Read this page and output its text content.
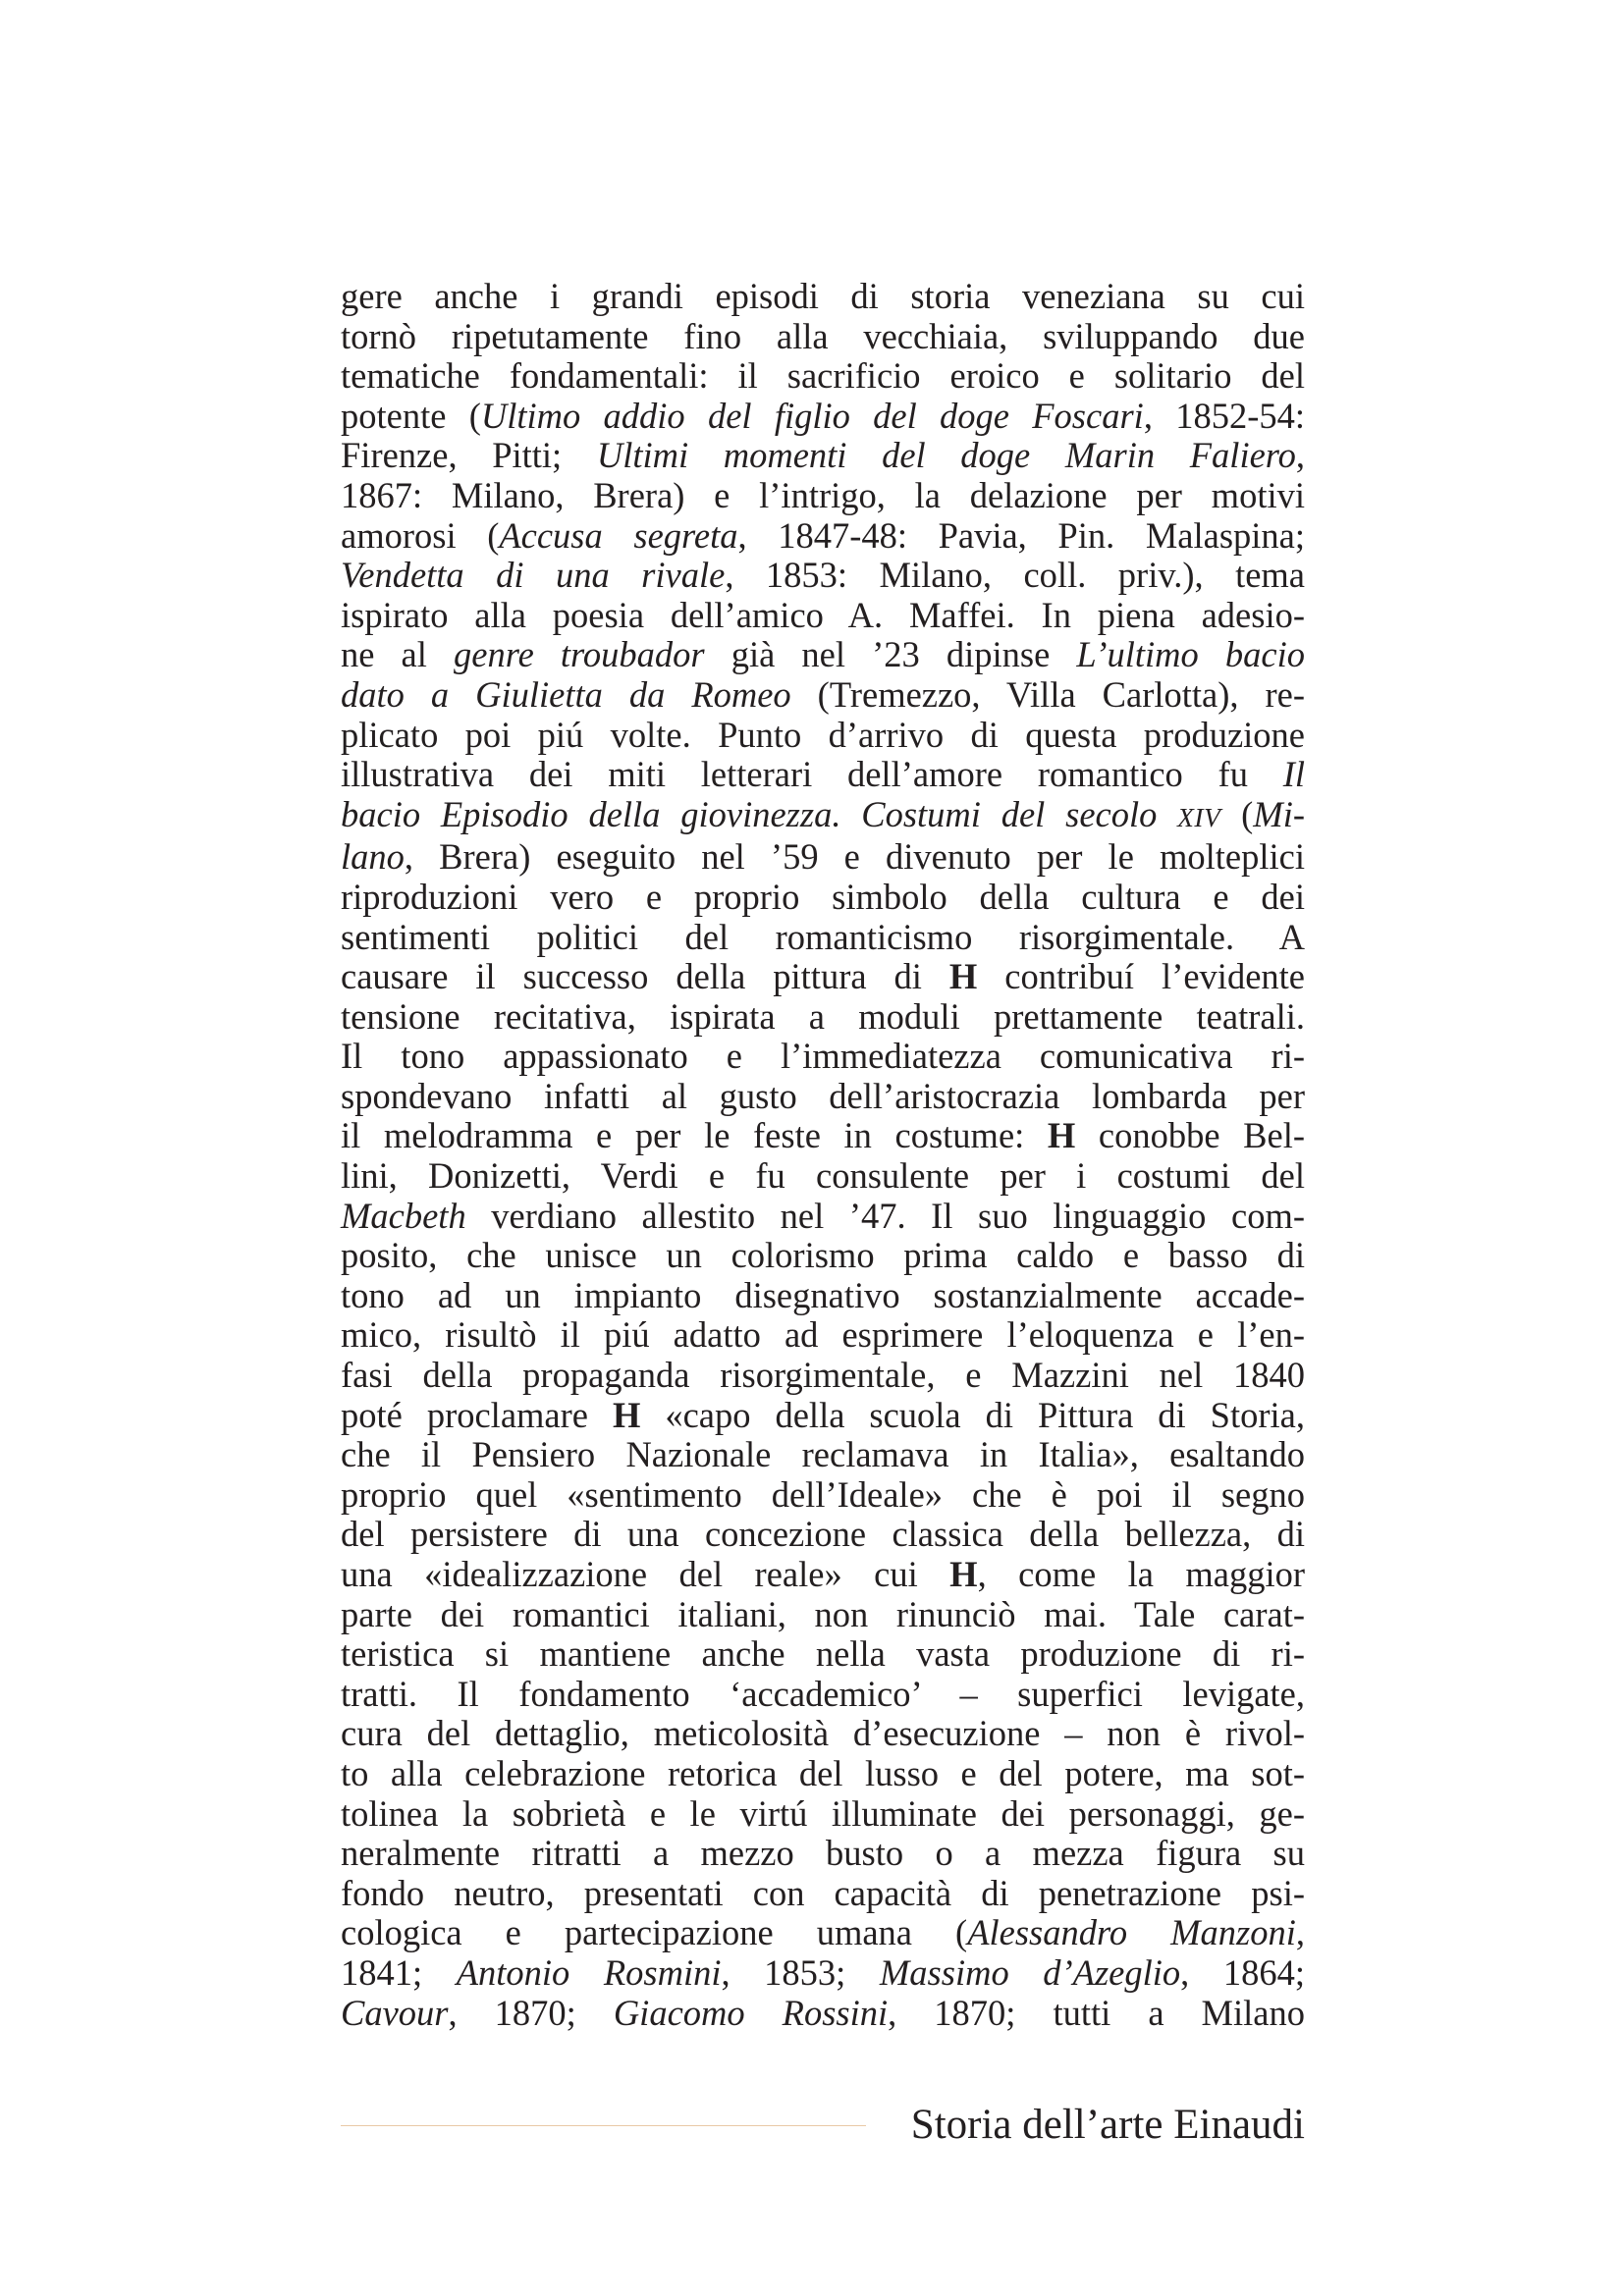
gere anche i grandi episodi di storia veneziana su cui
tornò ripetutamente fino alla vecchiaia, sviluppando due
tematiche fondamentali: il sacrificio eroico e solitario del
potente (Ultimo addio del figlio del doge Foscari, 1852-54:
Firenze, Pitti; Ultimi momenti del doge Marin Faliero,
1867: Milano, Brera) e l’intrigo, la delazione per motivi
amorosi (Accusa segreta, 1847-48: Pavia, Pin. Malaspina;
Vendetta di una rivale, 1853: Milano, coll. priv.), tema
ispirato alla poesia dell’amico A. Maffei. In piena adesio-
ne al genre troubador già nel ’23 dipinse L’ultimo bacio
dato a Giulietta da Romeo (Tremezzo, Villa Carlotta), re-
plicato poi piú volte. Punto d’arrivo di questa produzione
illustrativa dei miti letterari dell’amore romantico fu Il
bacio Episodio della giovinezza. Costumi del secolo XIV (Mi-
lano, Brera) eseguito nel ’59 e divenuto per le molteplici
riproduzioni vero e proprio simbolo della cultura e dei
sentimenti politici del romanticismo risorgimentale. A
causare il successo della pittura di H contribuí l’evidente
tensione recitativa, ispirata a moduli prettamente teatrali.
Il tono appassionato e l’immediatezza comunicativa ri-
spondevano infatti al gusto dell’aristocrazia lombarda per
il melodramma e per le feste in costume: H conobbe Bel-
lini, Donizetti, Verdi e fu consulente per i costumi del
Macbeth verdiano allestito nel ’47. Il suo linguaggio com-
posito, che unisce un colorismo prima caldo e basso di
tono ad un impianto disegnativo sostanzialmente accade-
mico, risultò il piú adatto ad esprimere l’eloquenza e l’en-
fasi della propaganda risorgimentale, e Mazzini nel 1840
poté proclamare H «capo della scuola di Pittura di Storia,
che il Pensiero Nazionale reclamava in Italia», esaltando
proprio quel «sentimento dell’Ideale» che è poi il segno
del persistere di una concezione classica della bellezza, di
una «idealizzazione del reale» cui H, come la maggior
parte dei romantici italiani, non rinunciò mai. Tale carat-
teristica si mantiene anche nella vasta produzione di ri-
tratti. Il fondamento ‘accademico’ – superfici levigate,
cura del dettaglio, meticolosità d’esecuzione – non è rivol-
to alla celebrazione retorica del lusso e del potere, ma sot-
tolinea la sobrietà e le virtú illuminate dei personaggi, ge-
neralmente ritratti a mezzo busto o a mezza figura su
fondo neutro, presentati con capacità di penetrazione psi-
cologica e partecipazione umana (Alessandro Manzoni,
1841; Antonio Rosmini, 1853; Massimo d’Azeglio, 1864;
Cavour, 1870; Giacomo Rossini, 1870; tutti a Milano
Storia dell’arte Einaudi
